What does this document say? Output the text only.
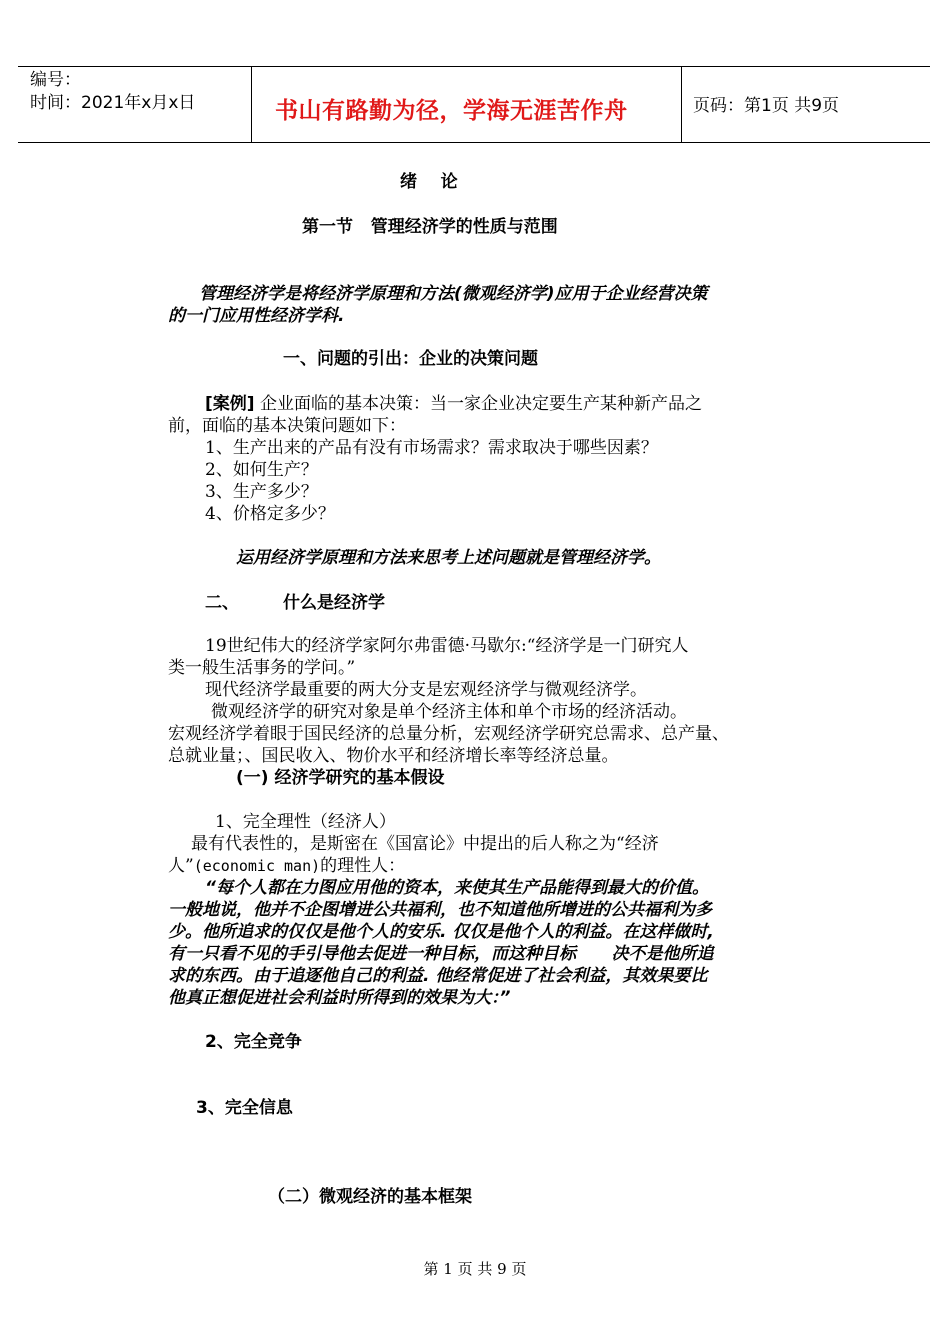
编号：
时间：2021年x月x日	书山有路勤为径，学海无涯苦作舟	页码：第1页 共9页
绪    论
第一节   管理经济学的性质与范围
管理经济学是将经济学原理和方法(微观经济学)应用于企业经营决策
的一门应用性经济学科.
一、问题的引出：企业的决策问题
[案例] 企业面临的基本决策：当一家企业决定要生产某种新产品之
前，面临的基本决策问题如下：
1、生产出来的产品有没有市场需求？需求取决于哪些因素？
2、如何生产？
3、生产多少？
4、价格定多少？
运用经济学原理和方法来思考上述问题就是管理经济学。
二、	什么是经济学
19世纪伟大的经济学家阿尔弗雷德·马歇尔:“经济学是一门研究人
类一般生活事务的学问。”
现代经济学最重要的两大分支是宏观经济学与微观经济学。
微观经济学的研究对象是单个经济主体和单个市场的经济活动。
宏观经济学着眼于国民经济的总量分析，宏观经济学研究总需求、总产量、
总就业量；、国民收入、物价水平和经济增长率等经济总量。
(一) 经济学研究的基本假设
1、完全理性（经济人）
最有代表性的，是斯密在《国富论》中提出的后人称之为“经济
人”(economic man)的理性人：
“每个人都在力图应用他的资本，来使其生产品能得到最大的价值。
一般地说，他并不企图增进公共福利，也不知道他所增进的公共福利为多
少。他所追求的仅仅是他个人的安乐. 仅仅是他个人的利益。在这样做时,
有一只看不见的手引导他去促进一种目标，而这种目标      决不是他所追
求的东西。由于追逐他自己的利益. 他经常促进了社会利益，其效果要比
他真正想促进社会利益时所得到的效果为大：”
2、完全竞争
3、完全信息
（二）微观经济的基本框架
第 1 页 共 9 页
